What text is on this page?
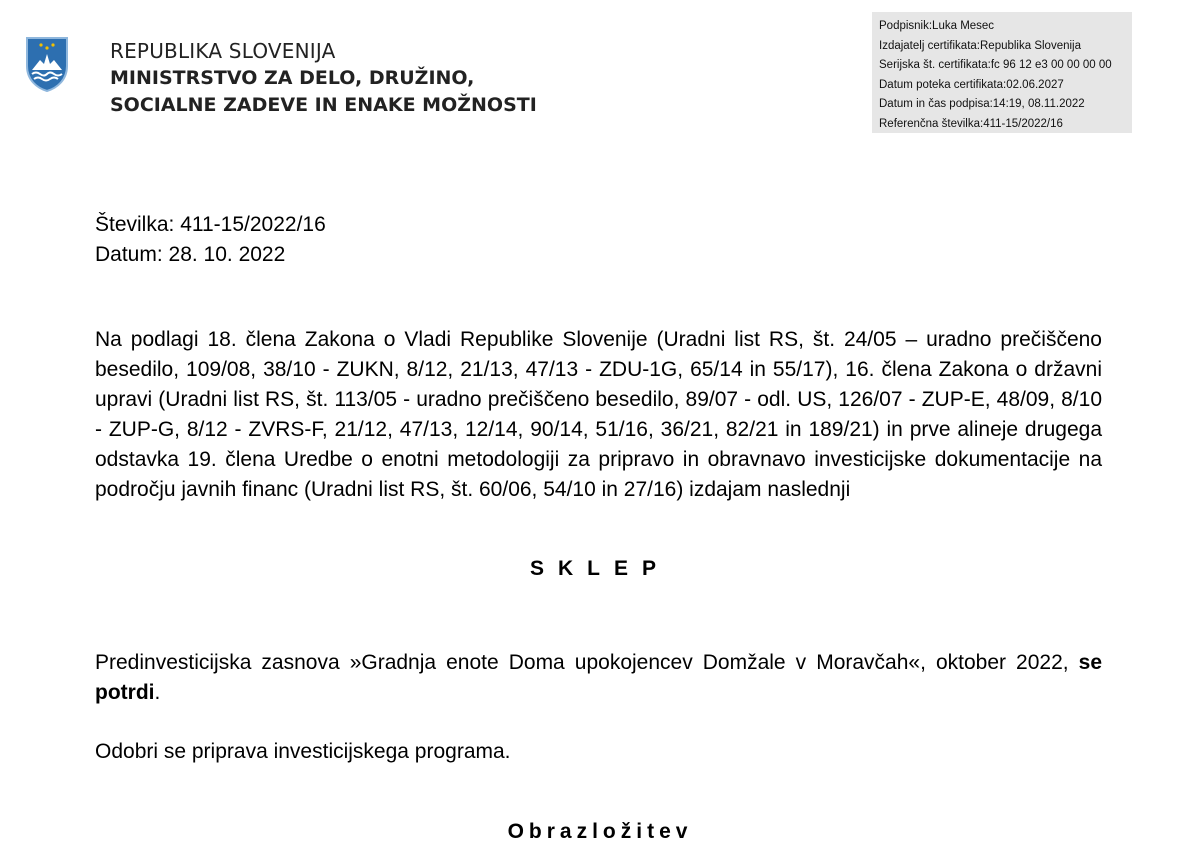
REPUBLIKA SLOVENIJA
MINISTRSTVO ZA DELO, DRUŽINO,
SOCIALNE ZADEVE IN ENAKE MOŽNOSTI
Podpisnik:Luka Mesec
Izdajatelj certifikata:Republika Slovenija
Serijska št. certifikata:fc 96 12 e3 00 00 00 00
Datum poteka certifikata:02.06.2027
Datum in čas podpisa:14:19, 08.11.2022
Referenčna številka:411-15/2022/16
Številka: 411-15/2022/16
Datum: 28. 10. 2022
Na podlagi 18. člena Zakona o Vladi Republike Slovenije (Uradni list RS, št. 24/05 – uradno prečiščeno besedilo, 109/08, 38/10 - ZUKN, 8/12, 21/13, 47/13 - ZDU-1G, 65/14 in 55/17), 16. člena Zakona o državni upravi (Uradni list RS, št. 113/05 - uradno prečiščeno besedilo, 89/07 - odl. US, 126/07 - ZUP-E, 48/09, 8/10 - ZUP-G, 8/12 - ZVRS-F, 21/12, 47/13, 12/14, 90/14, 51/16, 36/21, 82/21 in 189/21) in prve alineje drugega odstavka 19. člena Uredbe o enotni metodologiji za pripravo in obravnavo investicijske dokumentacije na področju javnih financ (Uradni list RS, št. 60/06, 54/10 in 27/16) izdajam naslednji
SKLEP
Predinvesticijska zasnova »Gradnja enote Doma upokojencev Domžale v Moravčah«, oktober 2022, se potrdi.
Odobri se priprava investicijskega programa.
Obrazložitev
